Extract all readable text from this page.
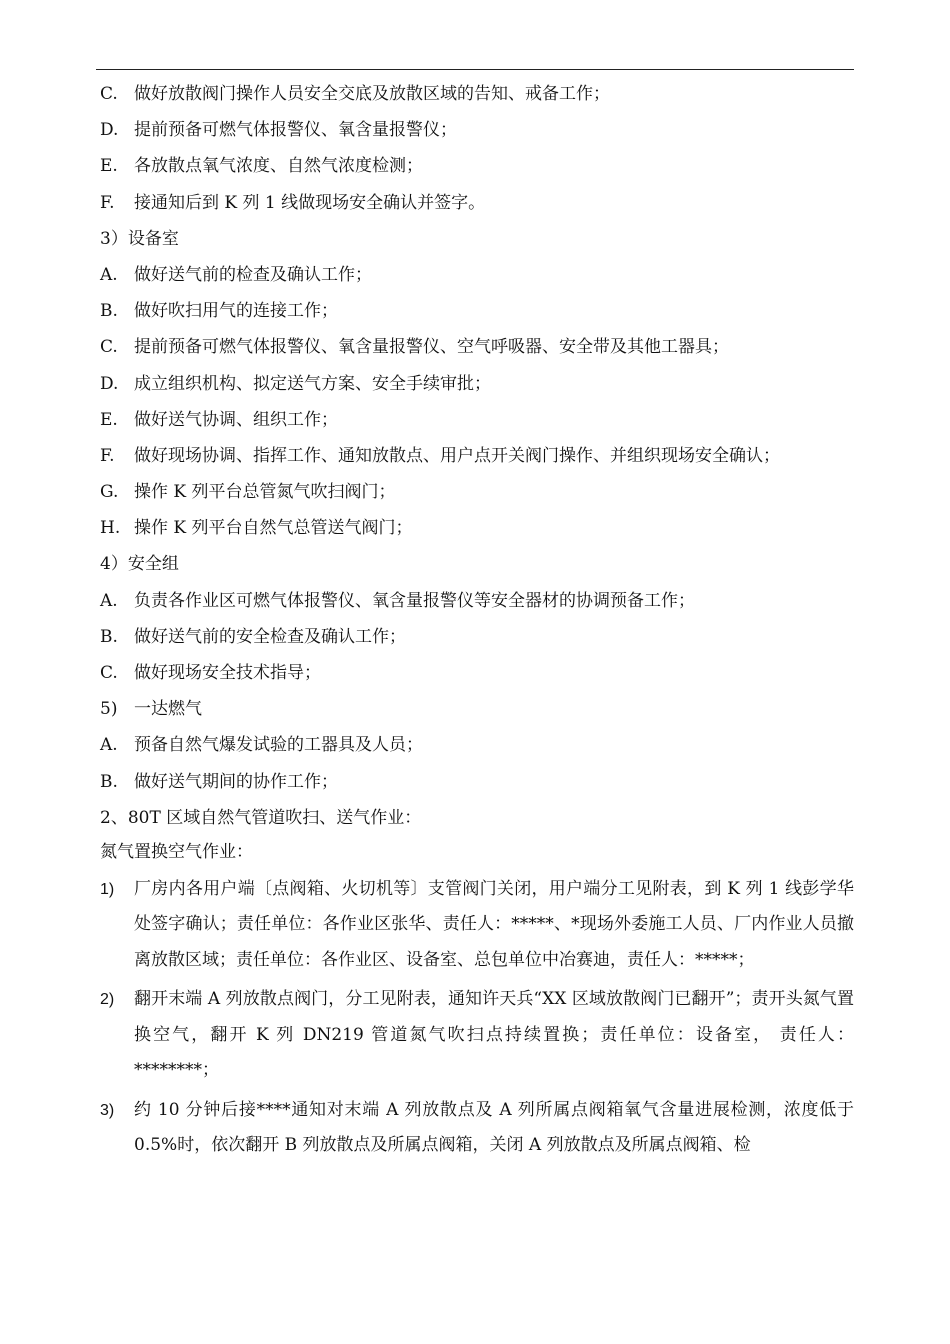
C. 做好放散阀门操作人员安全交底及放散区域的告知、戒备工作；
D. 提前预备可燃气体报警仪、氧含量报警仪；
E. 各放散点氧气浓度、自然气浓度检测；
F. 接通知后到 K 列 1 线做现场安全确认并签字。
3）设备室
A. 做好送气前的检查及确认工作；
B. 做好吹扫用气的连接工作；
C. 提前预备可燃气体报警仪、氧含量报警仪、空气呼吸器、安全带及其他工器具；
D. 成立组织机构、拟定送气方案、安全手续审批；
E. 做好送气协调、组织工作；
F. 做好现场协调、指挥工作、通知放散点、用户点开关阀门操作、并组织现场安全确认；
G. 操作 K 列平台总管氮气吹扫阀门；
H. 操作 K 列平台自然气总管送气阀门；
4）安全组
A. 负责各作业区可燃气体报警仪、氧含量报警仪等安全器材的协调预备工作；
B. 做好送气前的安全检查及确认工作；
C. 做好现场安全技术指导；
5) 一达燃气
A. 预备自然气爆发试验的工器具及人员；
B. 做好送气期间的协作工作；
2、80T 区域自然气管道吹扫、送气作业：
氮气置换空气作业：
1)	厂房内各用户端〔点阀箱、火切机等〕支管阀门关闭，用户端分工见附表，到 K 列 1 线彭学华处签字确认；责任单位：各作业区张华、责任人：*****、*现场外委施工人员、厂内作业人员撤离放散区域；责任单位：各作业区、设备室、总包单位中冶赛迪，责任人：*****；
2)	翻开末端 A 列放散点阀门，分工见附表，通知许天兵“XX 区域放散阀门已翻开”；责开头氮气置换空气，翻开 K 列 DN219 管道氮气吹扫点持续置换；责任单位：设备室， 责任人：********；
3)	约 10 分钟后接****通知对末端 A 列放散点及 A 列所属点阀箱氧气含量进展检测，浓度低于 0.5%时，依次翻开 B 列放散点及所属点阀箱，关闭 A 列放散点及所属点阀箱、检
